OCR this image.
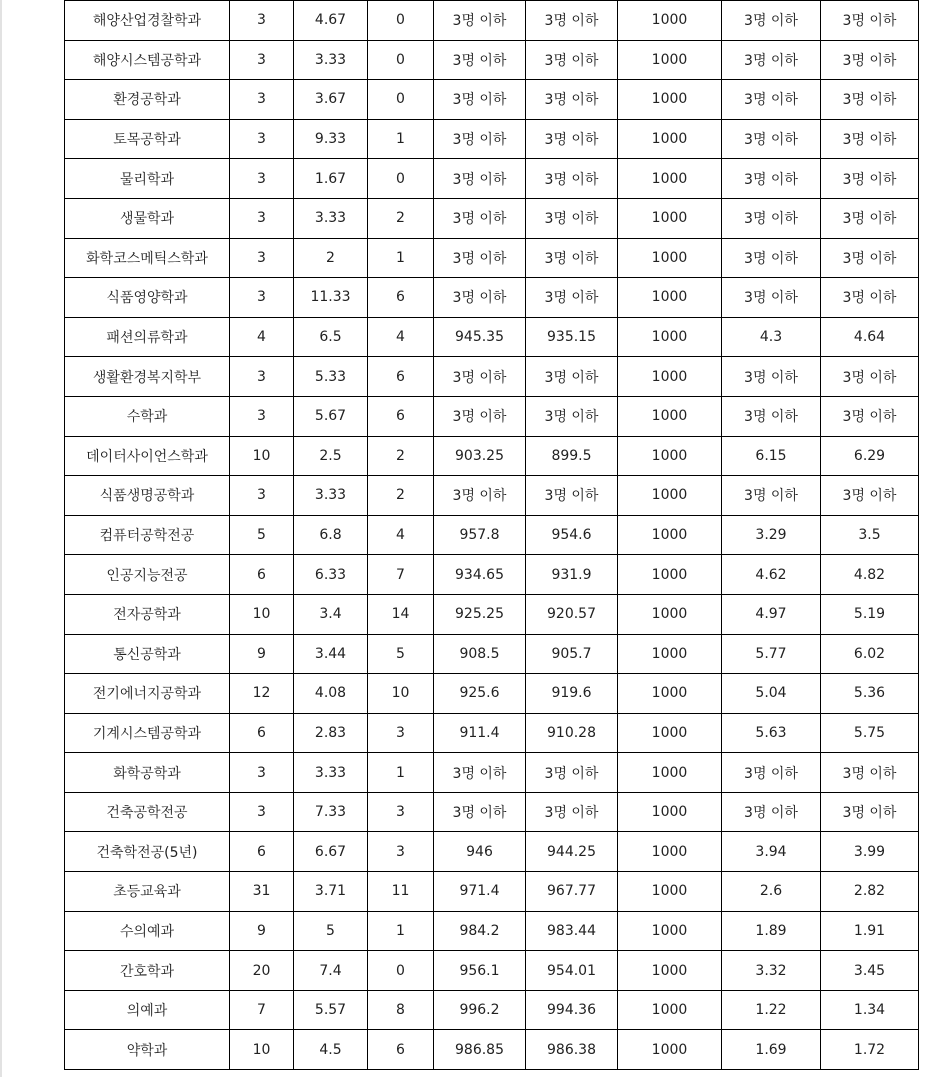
해양산업경찰학과	3	4.67	0	3명 이하	3명 이하	1000	3명 이하	3명 이하
해양시스템공학과	3	3.33	0	3명 이하	3명 이하	1000	3명 이하	3명 이하
환경공학과	3	3.67	0	3명 이하	3명 이하	1000	3명 이하	3명 이하
토목공학과	3	9.33	1	3명 이하	3명 이하	1000	3명 이하	3명 이하
물리학과	3	1.67	0	3명 이하	3명 이하	1000	3명 이하	3명 이하
생물학과	3	3.33	2	3명 이하	3명 이하	1000	3명 이하	3명 이하
화학코스메틱스학과	3	2	1	3명 이하	3명 이하	1000	3명 이하	3명 이하
식품영양학과	3	11.33	6	3명 이하	3명 이하	1000	3명 이하	3명 이하
패션의류학과	4	6.5	4	945.35	935.15	1000	4.3	4.64
생활환경복지학부	3	5.33	6	3명 이하	3명 이하	1000	3명 이하	3명 이하
수학과	3	5.67	6	3명 이하	3명 이하	1000	3명 이하	3명 이하
데이터사이언스학과	10	2.5	2	903.25	899.5	1000	6.15	6.29
식품생명공학과	3	3.33	2	3명 이하	3명 이하	1000	3명 이하	3명 이하
컴퓨터공학전공	5	6.8	4	957.8	954.6	1000	3.29	3.5
인공지능전공	6	6.33	7	934.65	931.9	1000	4.62	4.82
전자공학과	10	3.4	14	925.25	920.57	1000	4.97	5.19
통신공학과	9	3.44	5	908.5	905.7	1000	5.77	6.02
전기에너지공학과	12	4.08	10	925.6	919.6	1000	5.04	5.36
기계시스템공학과	6	2.83	3	911.4	910.28	1000	5.63	5.75
화학공학과	3	3.33	1	3명 이하	3명 이하	1000	3명 이하	3명 이하
건축공학전공	3	7.33	3	3명 이하	3명 이하	1000	3명 이하	3명 이하
건축학전공(5년)	6	6.67	3	946	944.25	1000	3.94	3.99
초등교육과	31	3.71	11	971.4	967.77	1000	2.6	2.82
수의예과	9	5	1	984.2	983.44	1000	1.89	1.91
간호학과	20	7.4	0	956.1	954.01	1000	3.32	3.45
의예과	7	5.57	8	996.2	994.36	1000	1.22	1.34
약학과	10	4.5	6	986.85	986.38	1000	1.69	1.72
